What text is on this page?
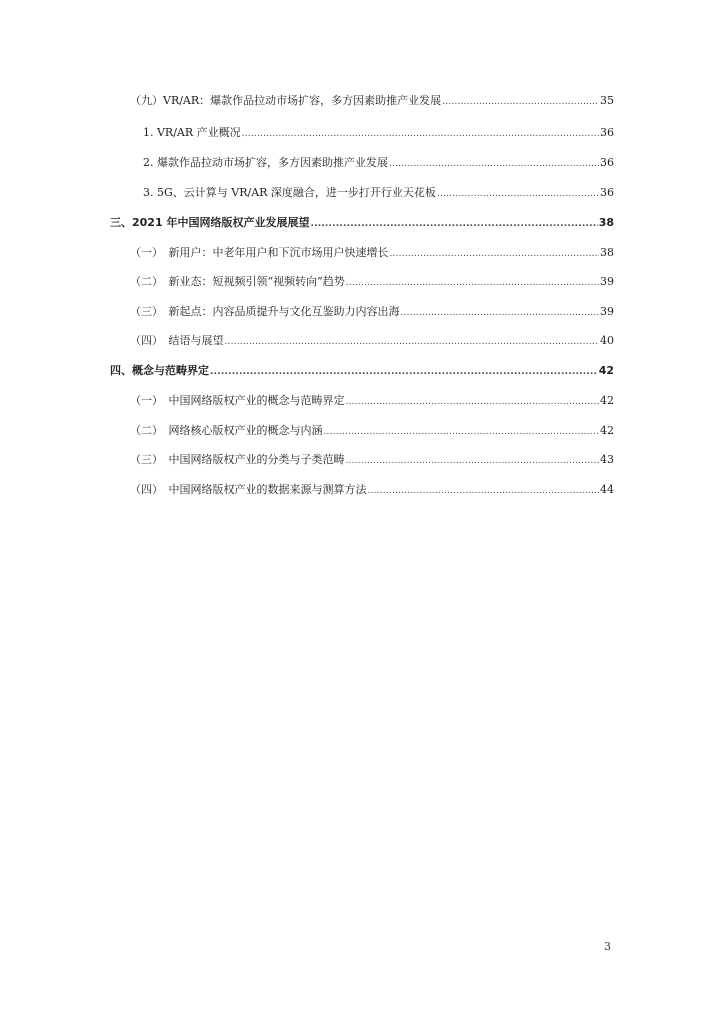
（九）VR/AR：爆款作品拉动市场扩容，多方因素助推产业发展 .....	35
1. VR/AR 产业概况 .....	36
2. 爆款作品拉动市场扩容，多方因素助推产业发展 .....	36
3. 5G、云计算与 VR/AR 深度融合，进一步打开行业天花板 .....	36
三、2021 年中国网络版权产业发展展望 .....	38
（一）　新用户：中老年用户和下沉市场用户快速增长 .....	38
（二）　新业态：短视频引领“视频转向”趋势 .....	39
（三）　新起点：内容品质提升与文化互鉴助力内容出海 .....	39
（四）　结语与展望 .....	40
四、概念与范畴界定 .....	42
（一）　中国网络版权产业的概念与范畴界定 .....	42
（二）　网络核心版权产业的概念与内涵 .....	42
（三）　中国网络版权产业的分类与子类范畴 .....	43
（四）　中国网络版权产业的数据来源与测算方法 .....	44
3
